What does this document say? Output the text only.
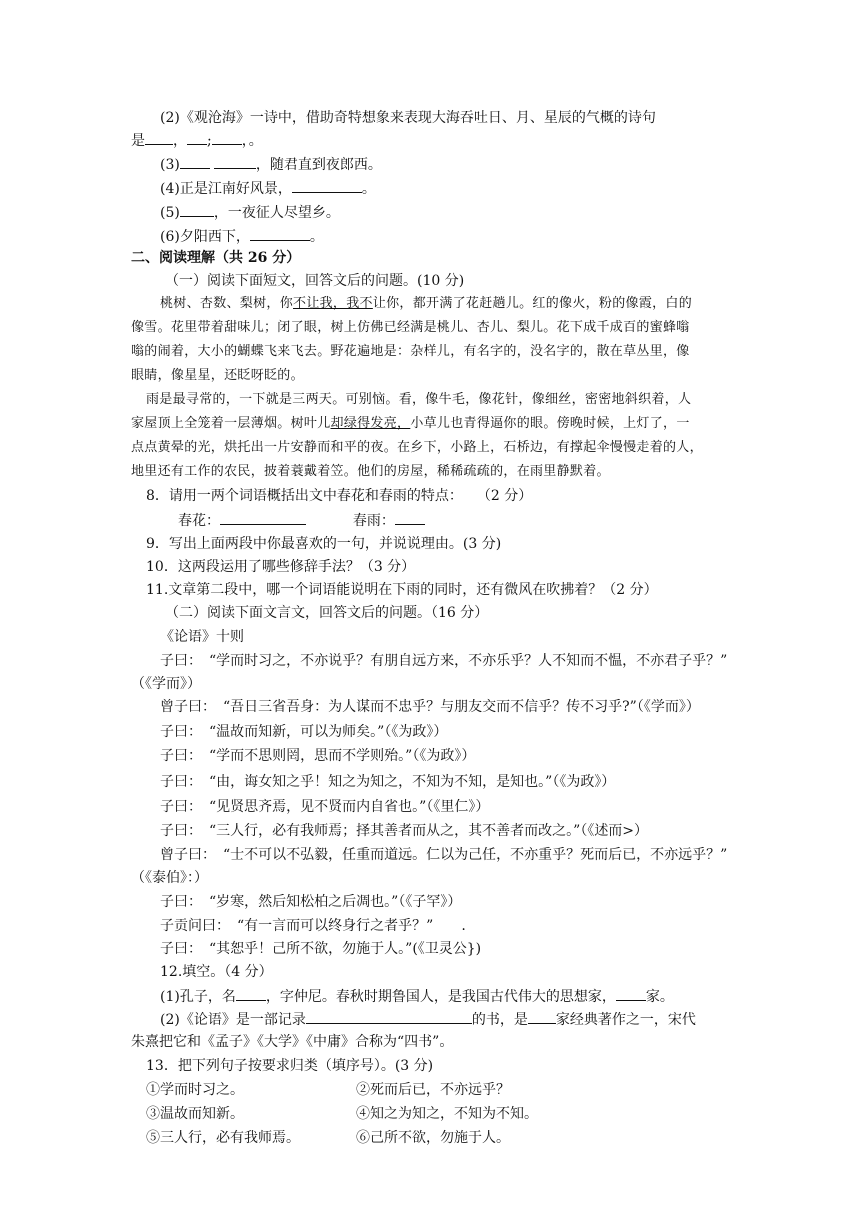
(2)《观沧海》一诗中，借助奇特想象来表现大海吞吐日、月、星辰的气概的诗句
是 ， ; ，。
(3)	，随君直到夜郎西。
(4)正是江南好风景，	。
(5) ，一夜征人尽望乡。
(6)夕阳西下，	。
二、阅读理解（共 26 分）
（一）阅读下面短文，回答文后的问题。(10 分)
桃树、杏数、梨树，你不让我，我不让你，都开满了花赶趟儿。红的像火，粉的像霞，白的
像雪。花里带着甜味儿；闭了眼，树上仿佛已经满是桃儿、杏儿、梨儿。花下成千成百的蜜蜂嗡
嗡的闹着，大小的蝴蝶飞来飞去。野花遍地是：杂样儿，有名字的，没名字的，散在草丛里，像
眼睛，像星星，还眨呀眨的。
雨是最寻常的，一下就是三两天。可别恼。看，像牛毛，像花针，像细丝，密密地斜织着，人
家屋顶上全笼着一层薄烟。树叶儿却绿得发亮，小草儿也青得逼你的眼。傍晚时候，上灯了，一
点点黄晕的光，烘托出一片安静而和平的夜。在乡下，小路上，石桥边，有撑起伞慢慢走着的人，
地里还有工作的农民，披着蓑戴着笠。他们的房屋，稀稀疏疏的，在雨里静默着。
8．请用一两个词语概括出文中春花和春雨的特点：　　（2 分）
春花：	春雨：
9．写出上面两段中你最喜欢的一句，并说说理由。(3 分)
10．这两段运用了哪些修辞手法？（3 分）
11.文章第二段中，哪一个词语能说明在下雨的同时，还有微风在吹拂着？（2 分）
（二）阅读下面文言文，回答文后的问题。（16 分）
《论语》十则
子曰：　“学而时习之，不亦说乎？有朋自远方来，不亦乐乎？人不知而不愠，不亦君子乎？”
（《学而》）
曾子曰：　“吾日三省吾身：为人谋而不忠乎？与朋友交而不信乎？传不习乎?”（《学而》）
子曰：　“温故而知新，可以为师矣。”（《为政》）
子曰：　“学而不思则罔，思而不学则殆。”（《为政》）
子曰：　“由，诲女知之乎！知之为知之，不知为不知，是知也。”（《为政》）
子曰：　“见贤思齐焉，见不贤而内自省也。”（《里仁》）
子曰：　“三人行，必有我师焉；择其善者而从之，其不善者而改之。”（《述而>）
曾子曰：　“士不可以不弘毅，任重而道远。仁以为己任，不亦重乎？死而后已，不亦远乎？”
（《泰伯》：）
子曰：　“岁寒，然后知松柏之后凋也。”（《子罕》）
子贡问曰：　“有一言而可以终身行之者乎？”　　.
子曰：　“其恕乎！己所不欲，勿施于人。”(《卫灵公})
12.填空。（4 分）
(1)孔子，名 ，字仲尼。春秋时期鲁国人，是我国古代伟大的思想家， 家。
(2)《论语》是一部记录	的书，是 家经典著作之一，宋代
朱熹把它和《孟子》《大学》《中庸》合称为“四书”。
13．把下列句子按要求归类（填序号）。(3 分)
①学而时习之。	②死而后已，不亦远乎？
③温故而知新。	④知之为知之，不知为不知。
⑤三人行，必有我师焉。	⑥己所不欲，勿施于人。
